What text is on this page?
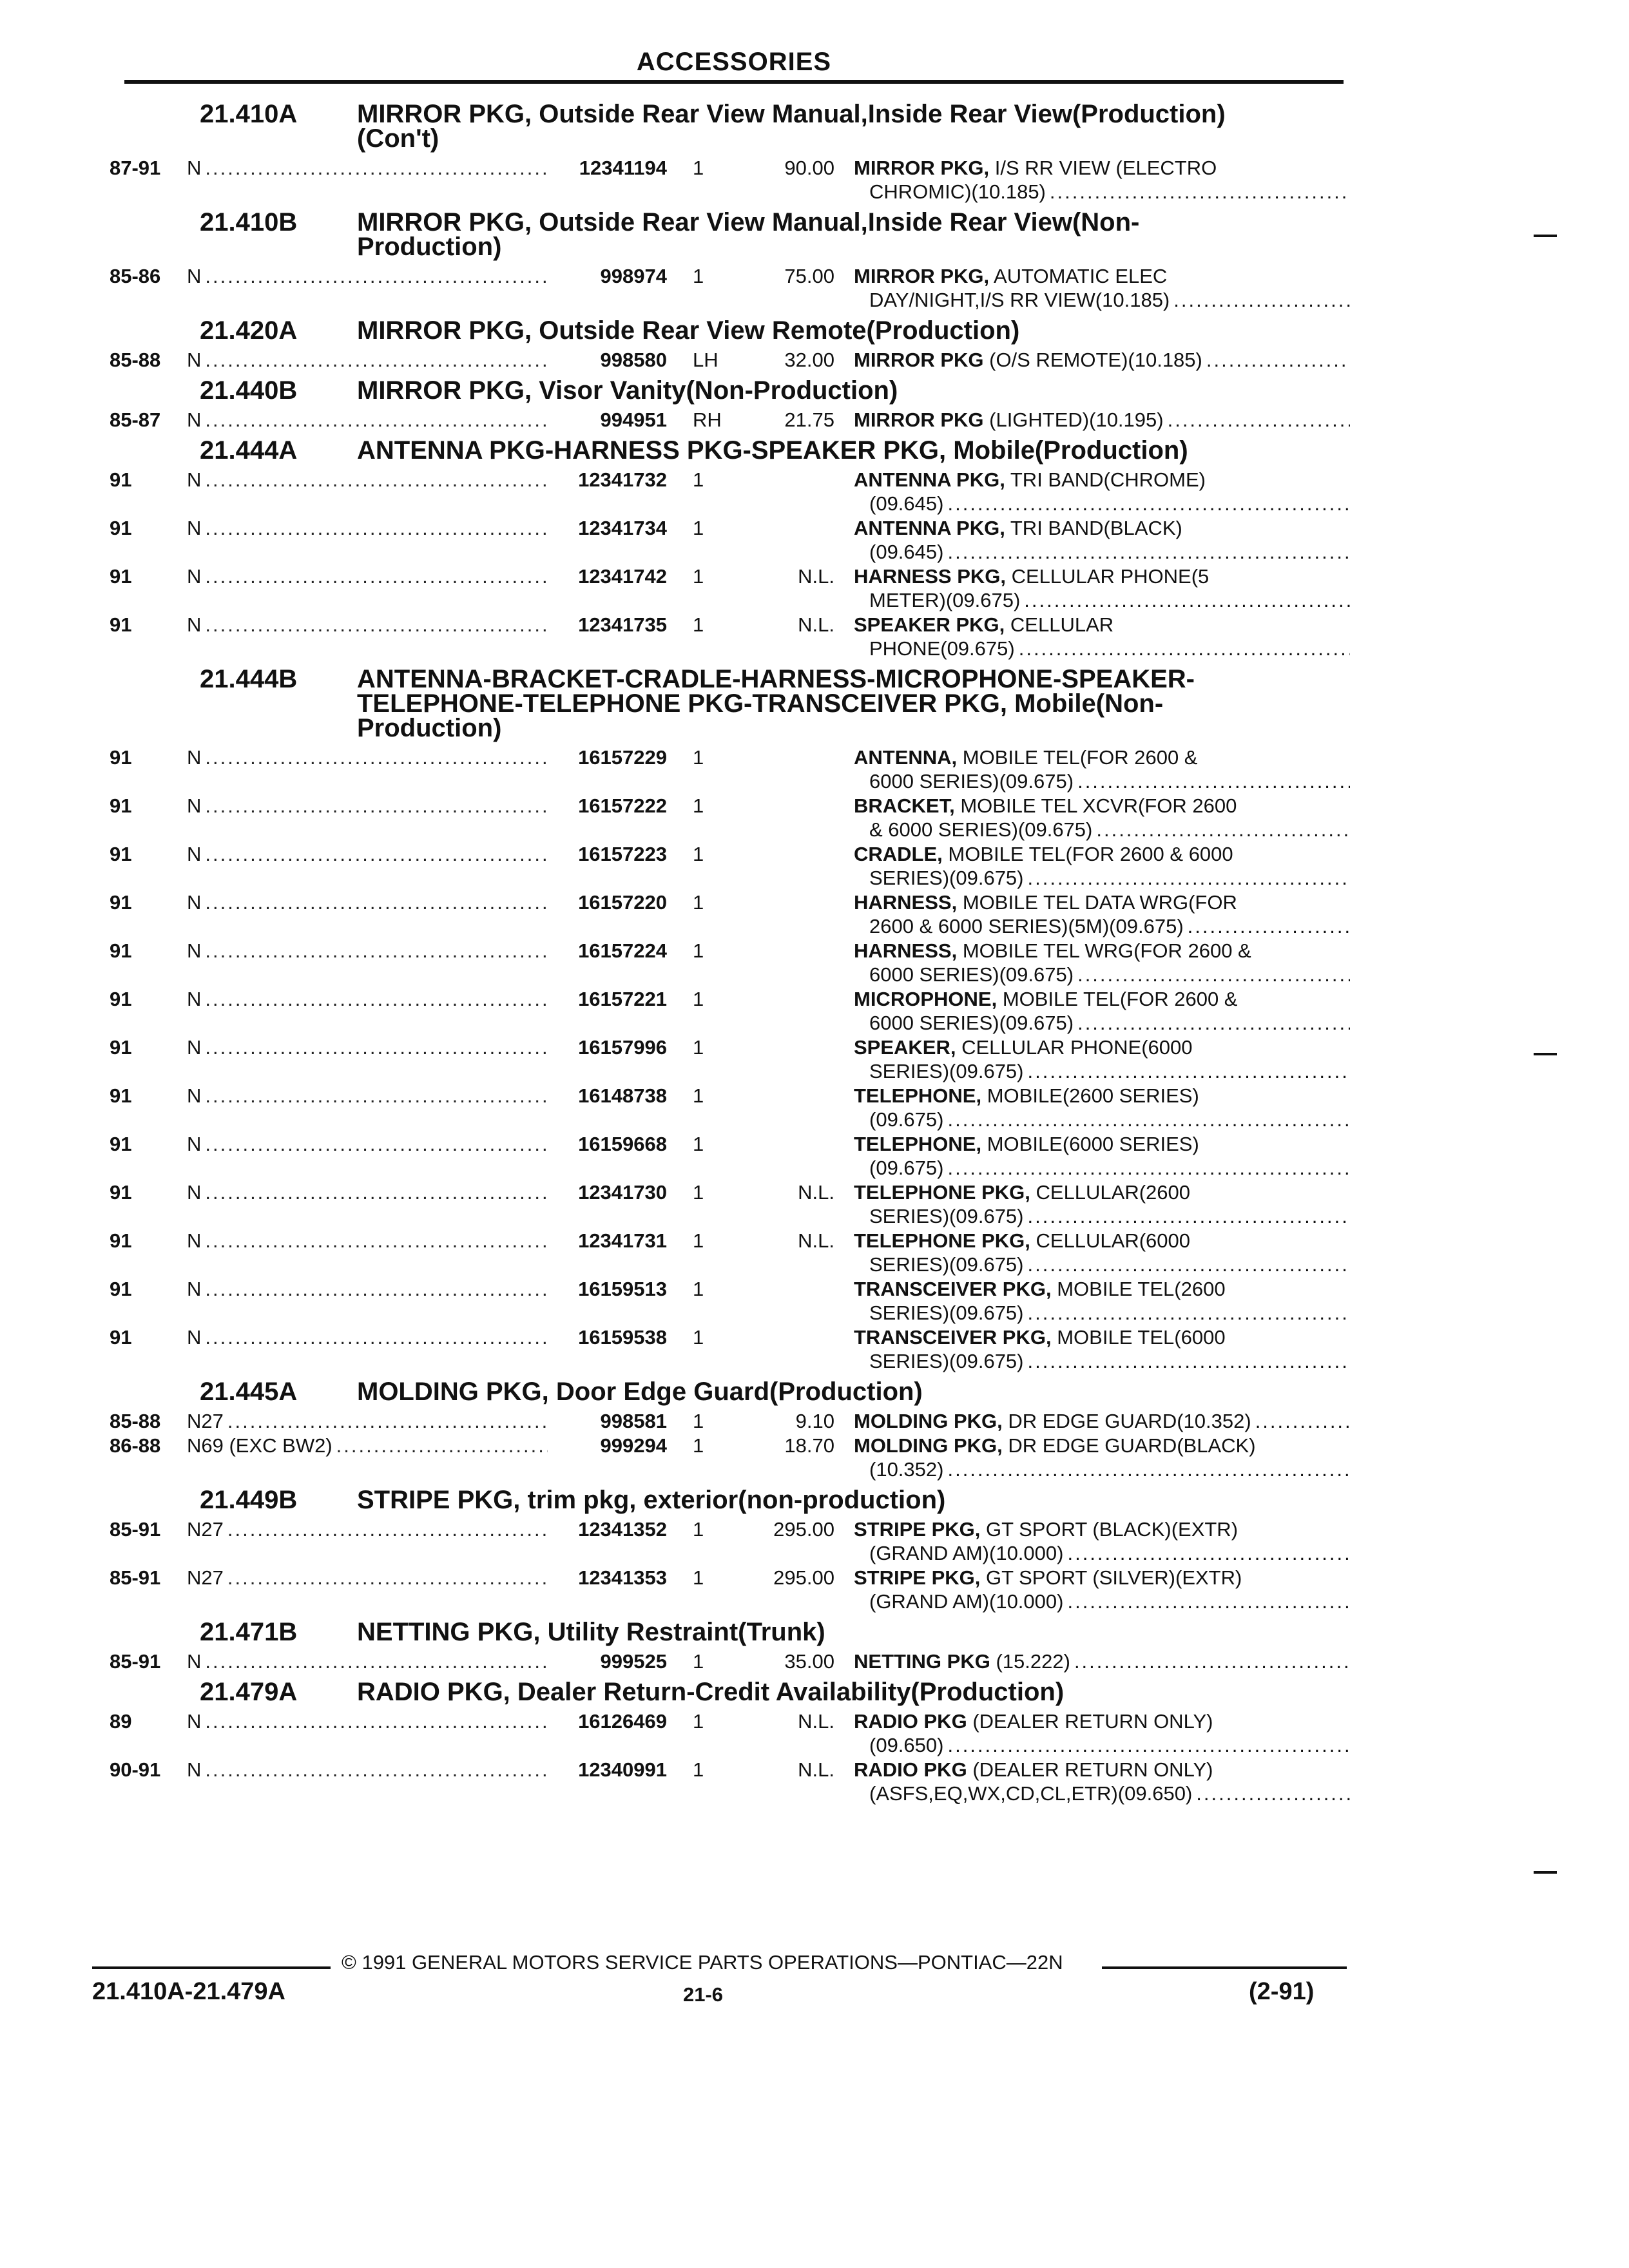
ACCESSORIES
21.410A	MIRROR PKG, Outside Rear View Manual,Inside Rear View(Production) (Con't)
87-91	N .....	12341194	1	90.00 MIRROR PKG, I/S RR VIEW (ELECTRO
CHROMIC)(10.185)
.....
21.410B	MIRROR PKG, Outside Rear View Manual,Inside Rear View(Non-Production)
85-86	N .....	998974	1	75.00 MIRROR PKG, AUTOMATIC ELEC
DAY/NIGHT,I/S RR VIEW(10.185)
.....
21.420A	MIRROR PKG, Outside Rear View Remote(Production)
85-88	N .....	998580	LH	32.00 MIRROR PKG (O/S REMOTE)(10.185)
.....
21.440B	MIRROR PKG, Visor Vanity(Non-Production)
85-87	N .....	994951	RH	21.75 MIRROR PKG (LIGHTED)(10.195)
.....
21.444A	ANTENNA PKG-HARNESS PKG-SPEAKER PKG, Mobile(Production)
91	N .....	12341732	1	ANTENNA PKG, TRI BAND(CHROME)
(09.645)
.....
91	N .....	12341734	1	ANTENNA PKG, TRI BAND(BLACK)
(09.645)
.....
91	N .....	12341742	1	N.L. HARNESS PKG, CELLULAR PHONE(5
METER)(09.675)
.....
91	N .....	12341735	1	N.L. SPEAKER PKG, CELLULAR
PHONE(09.675)
.....
21.444B	ANTENNA-BRACKET-CRADLE-HARNESS-MICROPHONE-SPEAKER-TELEPHONE-TELEPHONE PKG-TRANSCEIVER PKG, Mobile(Non-Production)
91	N .....	16157229	1	ANTENNA, MOBILE TEL(FOR 2600 &
6000 SERIES)(09.675)
.....
91	N .....	16157222	1	BRACKET, MOBILE TEL XCVR(FOR 2600
& 6000 SERIES)(09.675)
.....
91	N .....	16157223	1	CRADLE, MOBILE TEL(FOR 2600 & 6000
SERIES)(09.675)
.....
91	N .....	16157220	1	HARNESS, MOBILE TEL DATA WRG(FOR
2600 & 6000 SERIES)(5M)(09.675)
.....
91	N .....	16157224	1	HARNESS, MOBILE TEL WRG(FOR 2600 &
6000 SERIES)(09.675)
.....
91	N .....	16157221	1	MICROPHONE, MOBILE TEL(FOR 2600 &
6000 SERIES)(09.675)
.....
91	N .....	16157996	1	SPEAKER, CELLULAR PHONE(6000
SERIES)(09.675)
.....
91	N .....	16148738	1	TELEPHONE, MOBILE(2600 SERIES)
(09.675)
.....
91	N .....	16159668	1	TELEPHONE, MOBILE(6000 SERIES)
(09.675)
.....
91	N .....	12341730	1	N.L. TELEPHONE PKG, CELLULAR(2600
SERIES)(09.675)
.....
91	N .....	12341731	1	N.L. TELEPHONE PKG, CELLULAR(6000
SERIES)(09.675)
.....
91	N .....	16159513	1	TRANSCEIVER PKG, MOBILE TEL(2600
SERIES)(09.675)
.....
91	N .....	16159538	1	TRANSCEIVER PKG, MOBILE TEL(6000
SERIES)(09.675)
.....
21.445A	MOLDING PKG, Door Edge Guard(Production)
85-88	N27 .....	998581	1	9.10 MOLDING PKG, DR EDGE GUARD(10.352)
.....
86-88	N69 (EXC BW2) .....	999294	1	18.70 MOLDING PKG, DR EDGE GUARD(BLACK)
(10.352)
.....
21.449B	STRIPE PKG, trim pkg, exterior(non-production)
85-91	N27 .....	12341352	1	295.00 STRIPE PKG, GT SPORT (BLACK)(EXTR)
(GRAND AM)(10.000)
.....
85-91	N27 .....	12341353	1	295.00 STRIPE PKG, GT SPORT (SILVER)(EXTR)
(GRAND AM)(10.000)
.....
21.471B	NETTING PKG, Utility Restraint(Trunk)
85-91	N .....	999525	1	35.00 NETTING PKG (15.222)
.....
21.479A	RADIO PKG, Dealer Return-Credit Availability(Production)
89	N .....	16126469	1	N.L. RADIO PKG (DEALER RETURN ONLY)
(09.650)
.....
90-91	N .....	12340991	1	N.L. RADIO PKG (DEALER RETURN ONLY)
(ASFS,EQ,WX,CD,CL,ETR)(09.650)
.....
© 1991 GENERAL MOTORS SERVICE PARTS OPERATIONS—PONTIAC—22N
21.410A-21.479A	21-6	(2-91)
